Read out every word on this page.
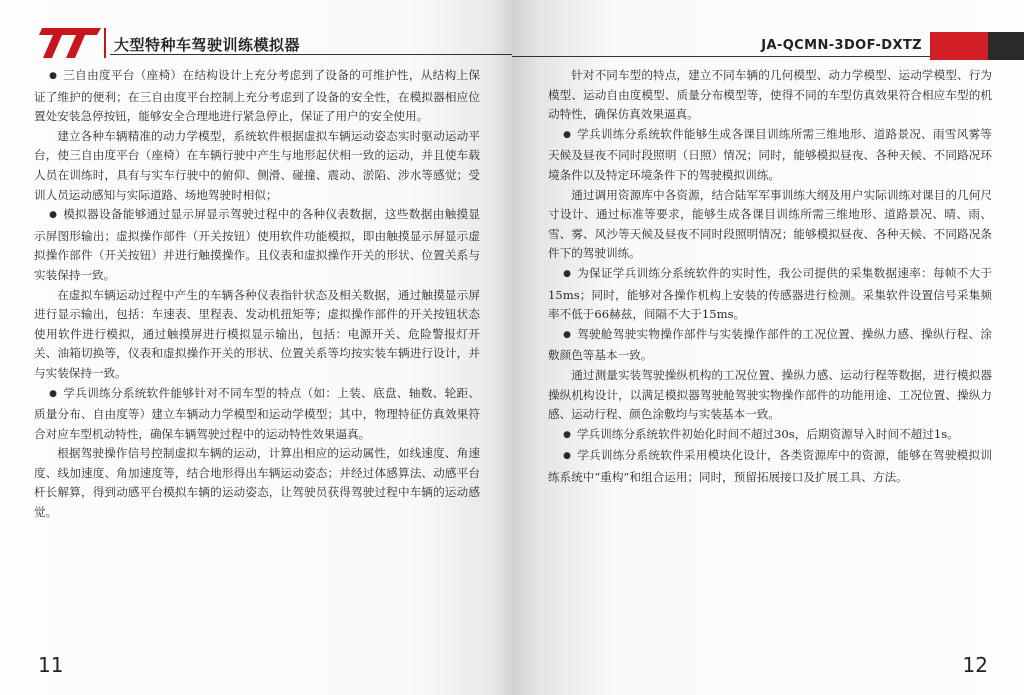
大型特种车驾驶训练模拟器

● 三自由度平台（座椅）在结构设计上充分考虑到了设备的可维护性，从结构上保证了维护的便利；在三自由度平台控制上充分考虑到了设备的安全性，在模拟器相应位置处安装急停按钮，能够安全合理地进行紧急停止，保证了用户的安全使用。

建立各种车辆精准的动力学模型，系统软件根据虚拟车辆运动姿态实时驱动运动平台，使三自由度平台（座椅）在车辆行驶中产生与地形起伏相一致的运动，并且使车载人员在训练时，具有与实车行驶中的俯仰、侧滑、碰撞、震动、淤陷、涉水等感觉；受训人员运动感知与实际道路、场地驾驶时相似；

● 模拟器设备能够通过显示屏显示驾驶过程中的各种仪表数据，这些数据由触摸显示屏图形输出；虚拟操作部件（开关按钮）使用软件功能模拟，即由触摸显示屏显示虚拟操作部件（开关按钮）并进行触摸操作。且仪表和虚拟操作开关的形状、位置关系与实装保持一致。

在虚拟车辆运动过程中产生的车辆各种仪表指针状态及相关数据，通过触摸显示屏进行显示输出，包括：车速表、里程表、发动机扭矩等；虚拟操作部件的开关按钮状态使用软件进行模拟，通过触摸屏进行模拟显示输出，包括：电源开关、危险警报灯开关、油箱切换等，仪表和虚拟操作开关的形状、位置关系等均按实装车辆进行设计，并与实装保持一致。

● 学兵训练分系统软件能够针对不同车型的特点（如：上装、底盘、轴数、轮距、质量分布、自由度等）建立车辆动力学模型和运动学模型；其中，物理特征仿真效果符合对应车型机动特性，确保车辆驾驶过程中的运动特性效果逼真。

根据驾驶操作信号控制虚拟车辆的运动，计算出相应的运动属性，如线速度、角速度、线加速度、角加速度等，结合地形得出车辆运动姿态；并经过体感算法、动感平台杆长解算，得到动感平台模拟车辆的运动姿态，让驾驶员获得驾驶过程中车辆的运动感觉。

11
JA-QCMN-3DOF-DXTZ

针对不同车型的特点，建立不同车辆的几何模型、动力学模型、运动学模型、行为模型、运动自由度模型、质量分布模型等，使得不同的车型仿真效果符合相应车型的机动特性，确保仿真效果逼真。

● 学兵训练分系统软件能够生成各课目训练所需三维地形、道路景况、雨雪风雾等天候及昼夜不同时段照明（日照）情况；同时，能够模拟昼夜、各种天候、不同路况环境条件以及特定环境条件下的驾驶模拟训练。

通过调用资源库中各资源，结合陆军军事训练大纲及用户实际训练对课目的几何尺寸设计、通过标准等要求，能够生成各课目训练所需三维地形、道路景况、晴、雨、雪、雾、风沙等天候及昼夜不同时段照明情况；能够模拟昼夜、各种天候、不同路况条件下的驾驶训练。

● 为保证学兵训练分系统软件的实时性，我公司提供的采集数据速率：每帧不大于15ms；同时，能够对各操作机构上安装的传感器进行检测。采集软件设置信号采集频率不低于66赫兹，间隔不大于15ms。

● 驾驶舱驾驶实物操作部件与实装操作部件的工况位置、操纵力感、操纵行程、涂敷颜色等基本一致。

通过测量实装驾驶操纵机构的工况位置、操纵力感、运动行程等数据，进行模拟器操纵机构设计，以满足模拟器驾驶舱驾驶实物操作部件的功能用途、工况位置、操纵力感、运动行程、颜色涂敷均与实装基本一致。

● 学兵训练分系统软件初始化时间不超过30s，后期资源导入时间不超过1s。

● 学兵训练分系统软件采用模块化设计，各类资源库中的资源，能够在驾驶模拟训练系统中“重构”和组合运用；同时，预留拓展接口及扩展工具、方法。

12
